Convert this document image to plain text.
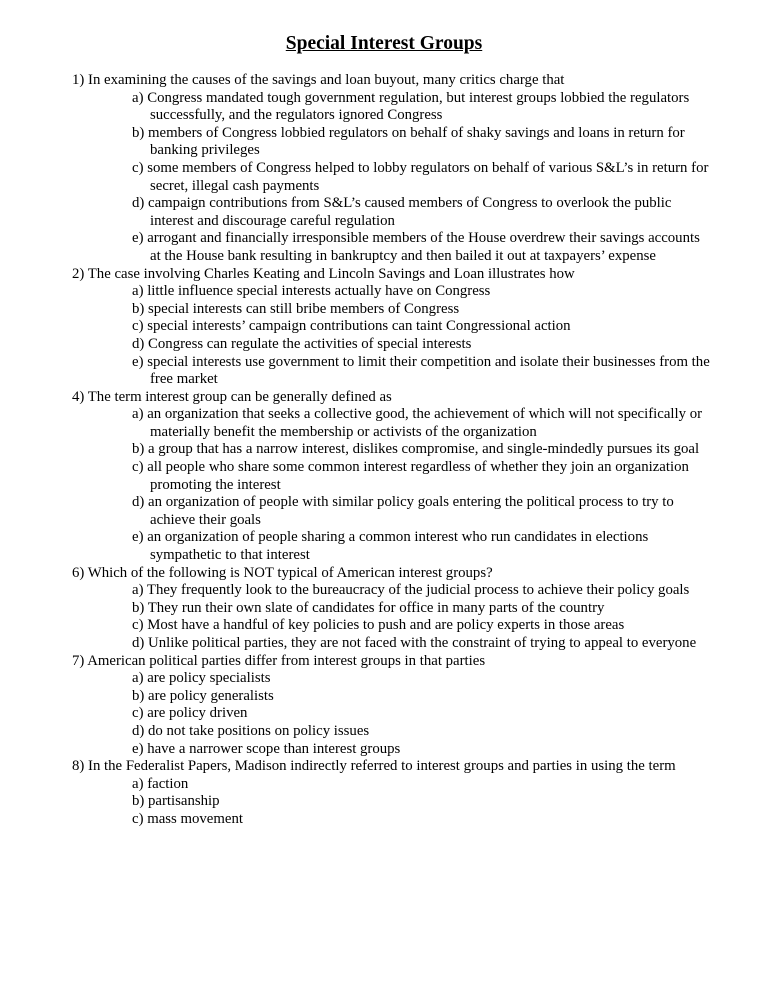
Special Interest Groups
1) In examining the causes of the savings and loan buyout, many critics charge that
a) Congress mandated tough government regulation, but interest groups lobbied the regulators successfully, and the regulators ignored Congress
b) members of Congress lobbied regulators on behalf of shaky savings and loans in return for banking privileges
c) some members of Congress helped to lobby regulators on behalf of various S&L’s in return for secret, illegal cash payments
d) campaign contributions from S&L’s caused members of Congress to overlook the public interest and discourage careful regulation
e) arrogant and financially irresponsible members of the House overdrew their savings accounts at the House bank resulting in bankruptcy and then bailed it out at taxpayers’ expense
2) The case involving Charles Keating and Lincoln Savings and Loan illustrates how
a) little influence special interests actually have on Congress
b) special interests can still bribe members of Congress
c) special interests’ campaign contributions can taint Congressional action
d) Congress can regulate the activities of special interests
e) special interests use government to limit their competition and isolate their businesses from the free market
4) The term interest group can be generally defined as
a) an organization that seeks a collective good, the achievement of which will not specifically or materially benefit the membership or activists of the organization
b) a group that has a narrow interest, dislikes compromise, and single-mindedly pursues its goal
c) all people who share some common interest regardless of whether they join an organization promoting the interest
d) an organization of people with similar policy goals entering the political process to try to achieve their goals
e) an organization of people sharing a common interest who run candidates in elections sympathetic to that interest
6) Which of the following is NOT typical of American interest groups?
a) They frequently look to the bureaucracy of the judicial process to achieve their policy goals
b) They run their own slate of candidates for office in many parts of the country
c) Most have a handful of key policies to push and are policy experts in those areas
d) Unlike political parties, they are not faced with the constraint of trying to appeal to everyone
7) American political parties differ from interest groups in that parties
a) are policy specialists
b) are policy generalists
c) are policy driven
d) do not take positions on policy issues
e) have a narrower scope than interest groups
8) In the Federalist Papers, Madison indirectly referred to interest groups and parties in using the term
a) faction
b) partisanship
c) mass movement
